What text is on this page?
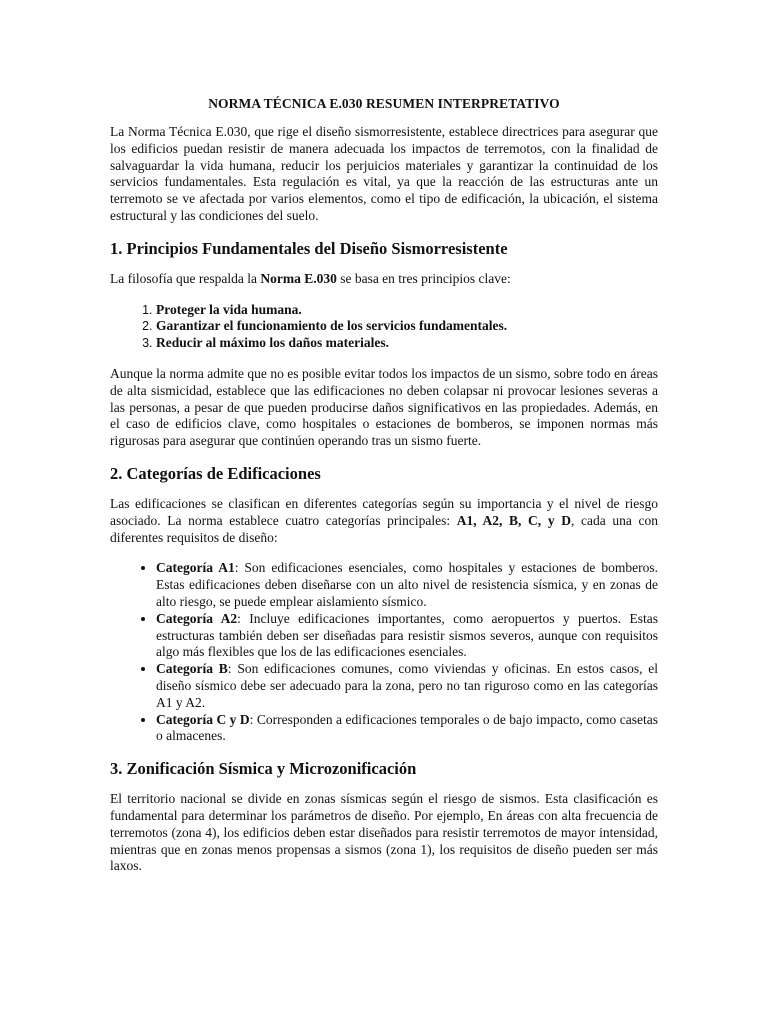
NORMA TÉCNICA E.030 RESUMEN INTERPRETATIVO

La Norma Técnica E.030, que rige el diseño sismorresistente, establece directrices para asegurar que los edificios puedan resistir de manera adecuada los impactos de terremotos, con la finalidad de salvaguardar la vida humana, reducir los perjuicios materiales y garantizar la continuidad de los servicios fundamentales. Esta regulación es vital, ya que la reacción de las estructuras ante un terremoto se ve afectada por varios elementos, como el tipo de edificación, la ubicación, el sistema estructural y las condiciones del suelo.

1. Principios Fundamentales del Diseño Sismorresistente

La filosofía que respalda la Norma E.030 se basa en tres principios clave:

1. Proteger la vida humana.
2. Garantizar el funcionamiento de los servicios fundamentales.
3. Reducir al máximo los daños materiales.

Aunque la norma admite que no es posible evitar todos los impactos de un sismo, sobre todo en áreas de alta sismicidad, establece que las edificaciones no deben colapsar ni provocar lesiones severas a las personas, a pesar de que pueden producirse daños significativos en las propiedades. Además, en el caso de edificios clave, como hospitales o estaciones de bomberos, se imponen normas más rigurosas para asegurar que continúen operando tras un sismo fuerte.

2. Categorías de Edificaciones

Las edificaciones se clasifican en diferentes categorías según su importancia y el nivel de riesgo asociado. La norma establece cuatro categorías principales: A1, A2, B, C, y D, cada una con diferentes requisitos de diseño:

• Categoría A1: Son edificaciones esenciales, como hospitales y estaciones de bomberos. Estas edificaciones deben diseñarse con un alto nivel de resistencia sísmica, y en zonas de alto riesgo, se puede emplear aislamiento sísmico.
• Categoría A2: Incluye edificaciones importantes, como aeropuertos y puertos. Estas estructuras también deben ser diseñadas para resistir sismos severos, aunque con requisitos algo más flexibles que los de las edificaciones esenciales.
• Categoría B: Son edificaciones comunes, como viviendas y oficinas. En estos casos, el diseño sísmico debe ser adecuado para la zona, pero no tan riguroso como en las categorías A1 y A2.
• Categoría C y D: Corresponden a edificaciones temporales o de bajo impacto, como casetas o almacenes.
3. Zonificación Sísmica y Microzonificación

El territorio nacional se divide en zonas sísmicas según el riesgo de sismos. Esta clasificación es fundamental para determinar los parámetros de diseño. Por ejemplo, En áreas con alta frecuencia de terremotos (zona 4), los edificios deben estar diseñados para resistir terremotos de mayor intensidad, mientras que en zonas menos propensas a sismos (zona 1), los requisitos de diseño pueden ser más laxos.
